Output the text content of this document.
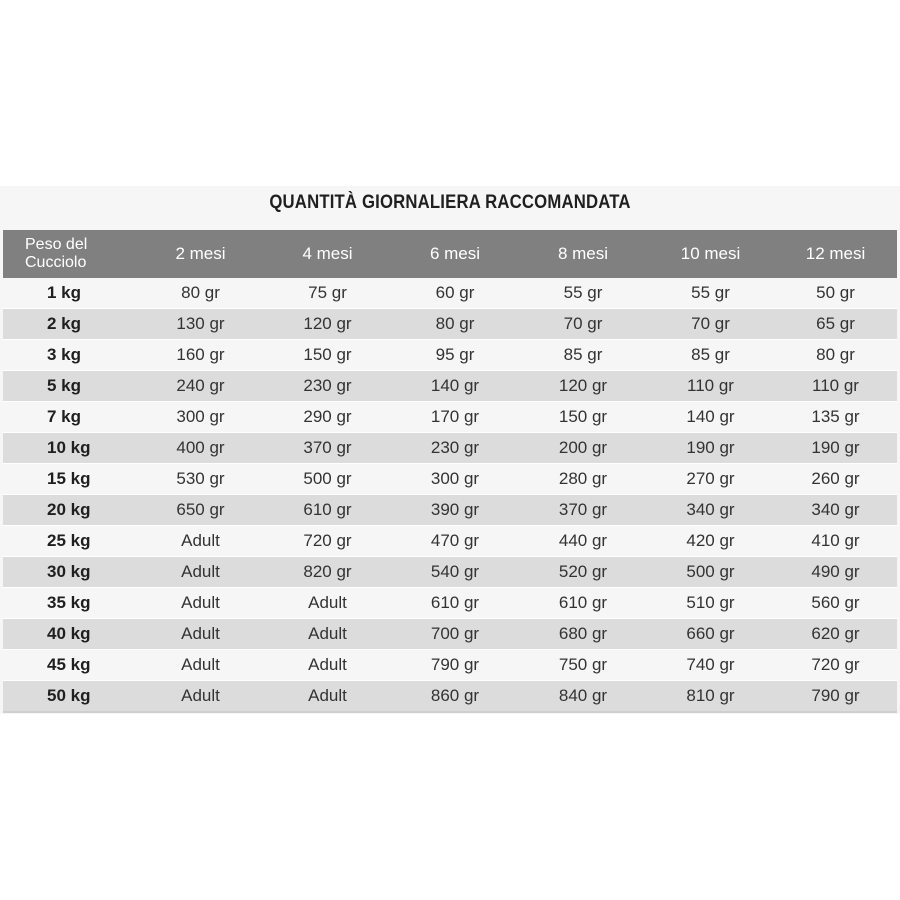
QUANTITÀ GIORNALIERA RACCOMANDATA
Peso del
Cucciolo	2 mesi	4 mesi	6 mesi	8 mesi	10 mesi	12 mesi
1 kg	80 gr	75 gr	60 gr	55 gr	55 gr	50 gr
2 kg	130 gr	120 gr	80 gr	70 gr	70 gr	65 gr
3 kg	160 gr	150 gr	95 gr	85 gr	85 gr	80 gr
5 kg	240 gr	230 gr	140 gr	120 gr	110 gr	110 gr
7 kg	300 gr	290 gr	170 gr	150 gr	140 gr	135 gr
10 kg	400 gr	370 gr	230 gr	200 gr	190 gr	190 gr
15 kg	530 gr	500 gr	300 gr	280 gr	270 gr	260 gr
20 kg	650 gr	610 gr	390 gr	370 gr	340 gr	340 gr
25 kg	Adult	720 gr	470 gr	440 gr	420 gr	410 gr
30 kg	Adult	820 gr	540 gr	520 gr	500 gr	490 gr
35 kg	Adult	Adult	610 gr	610 gr	510 gr	560 gr
40 kg	Adult	Adult	700 gr	680 gr	660 gr	620 gr
45 kg	Adult	Adult	790 gr	750 gr	740 gr	720 gr
50 kg	Adult	Adult	860 gr	840 gr	810 gr	790 gr
